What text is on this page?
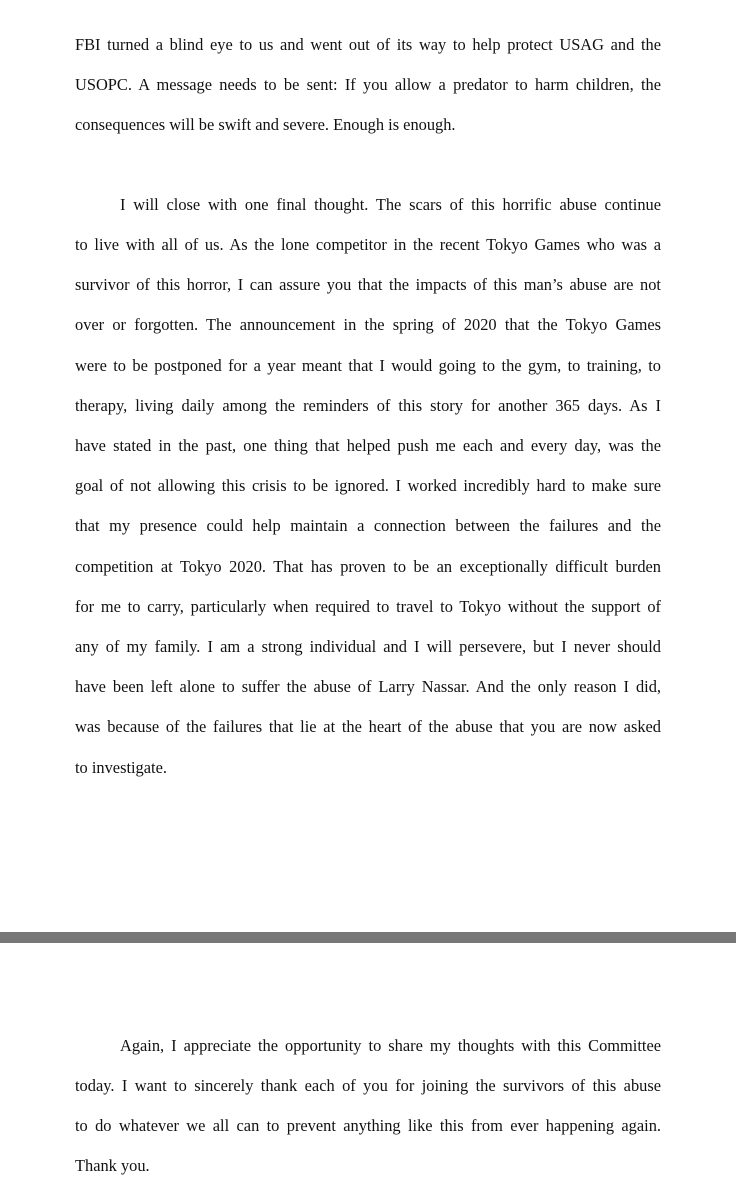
FBI turned a blind eye to us and went out of its way to help protect USAG and the
USOPC. A message needs to be sent: If you allow a predator to harm children, the
consequences will be swift and severe. Enough is enough.
I will close with one final thought. The scars of this horrific abuse continue
to live with all of us. As the lone competitor in the recent Tokyo Games who was a
survivor of this horror, I can assure you that the impacts of this man’s abuse are not
over or forgotten. The announcement in the spring of 2020 that the Tokyo Games
were to be postponed for a year meant that I would going to the gym, to training, to
therapy, living daily among the reminders of this story for another 365 days. As I
have stated in the past, one thing that helped push me each and every day, was the
goal of not allowing this crisis to be ignored. I worked incredibly hard to make sure
that my presence could help maintain a connection between the failures and the
competition at Tokyo 2020. That has proven to be an exceptionally difficult burden
for me to carry, particularly when required to travel to Tokyo without the support of
any of my family. I am a strong individual and I will persevere, but I never should
have been left alone to suffer the abuse of Larry Nassar. And the only reason I did,
was because of the failures that lie at the heart of the abuse that you are now asked
to investigate.
Again, I appreciate the opportunity to share my thoughts with this Committee
today. I want to sincerely thank each of you for joining the survivors of this abuse
to do whatever we all can to prevent anything like this from ever happening again.
Thank you.
